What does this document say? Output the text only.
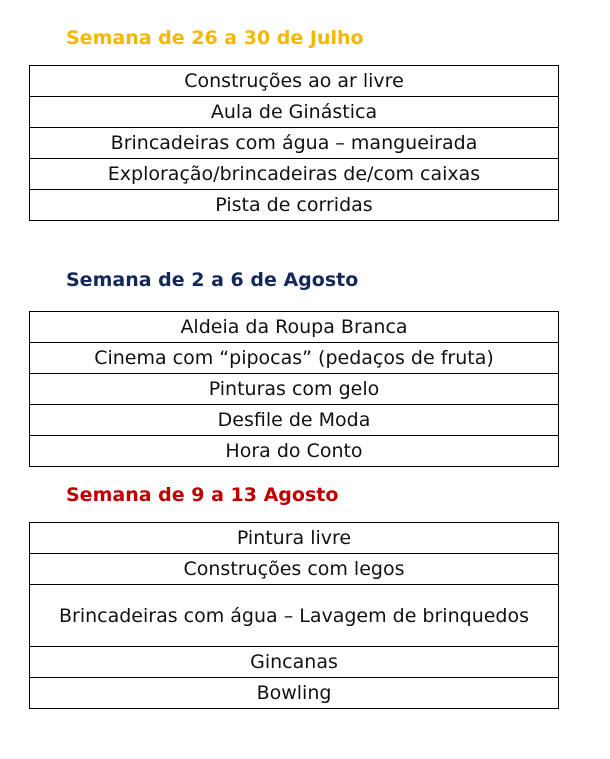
Semana de 26 a 30 de Julho
Construções ao ar livre
Aula de Ginástica
Brincadeiras com água – mangueirada
Exploração/brincadeiras de/com caixas
Pista de corridas
Semana de 2 a 6 de Agosto
Aldeia da Roupa Branca
Cinema com “pipocas” (pedaços de fruta)
Pinturas com gelo
Desfile de Moda
Hora do Conto
Semana de 9 a 13 Agosto
Pintura livre
Construções com legos
Brincadeiras com água – Lavagem de brinquedos
Gincanas
Bowling
